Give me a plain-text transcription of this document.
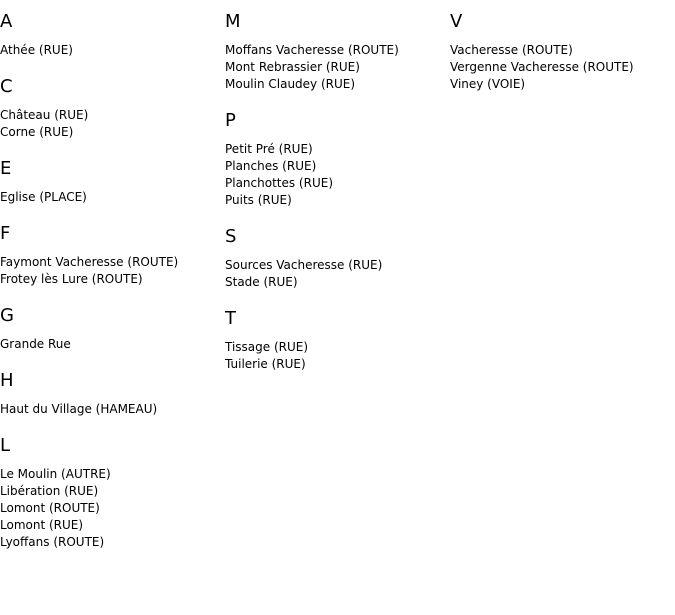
A
Athée (RUE)
C
Château (RUE)
Corne (RUE)
E
Eglise (PLACE)
F
Faymont Vacheresse (ROUTE)
Frotey lès Lure (ROUTE)
G
Grande Rue
H
Haut du Village (HAMEAU)
L
Le Moulin (AUTRE)
Libération (RUE)
Lomont (ROUTE)
Lomont (RUE)
Lyoffans (ROUTE)
M
Moffans Vacheresse (ROUTE)
Mont Rebrassier (RUE)
Moulin Claudey (RUE)
P
Petit Pré (RUE)
Planches (RUE)
Planchottes (RUE)
Puits (RUE)
S
Sources Vacheresse (RUE)
Stade (RUE)
T
Tissage (RUE)
Tuilerie (RUE)
V
Vacheresse (ROUTE)
Vergenne Vacheresse (ROUTE)
Viney (VOIE)
